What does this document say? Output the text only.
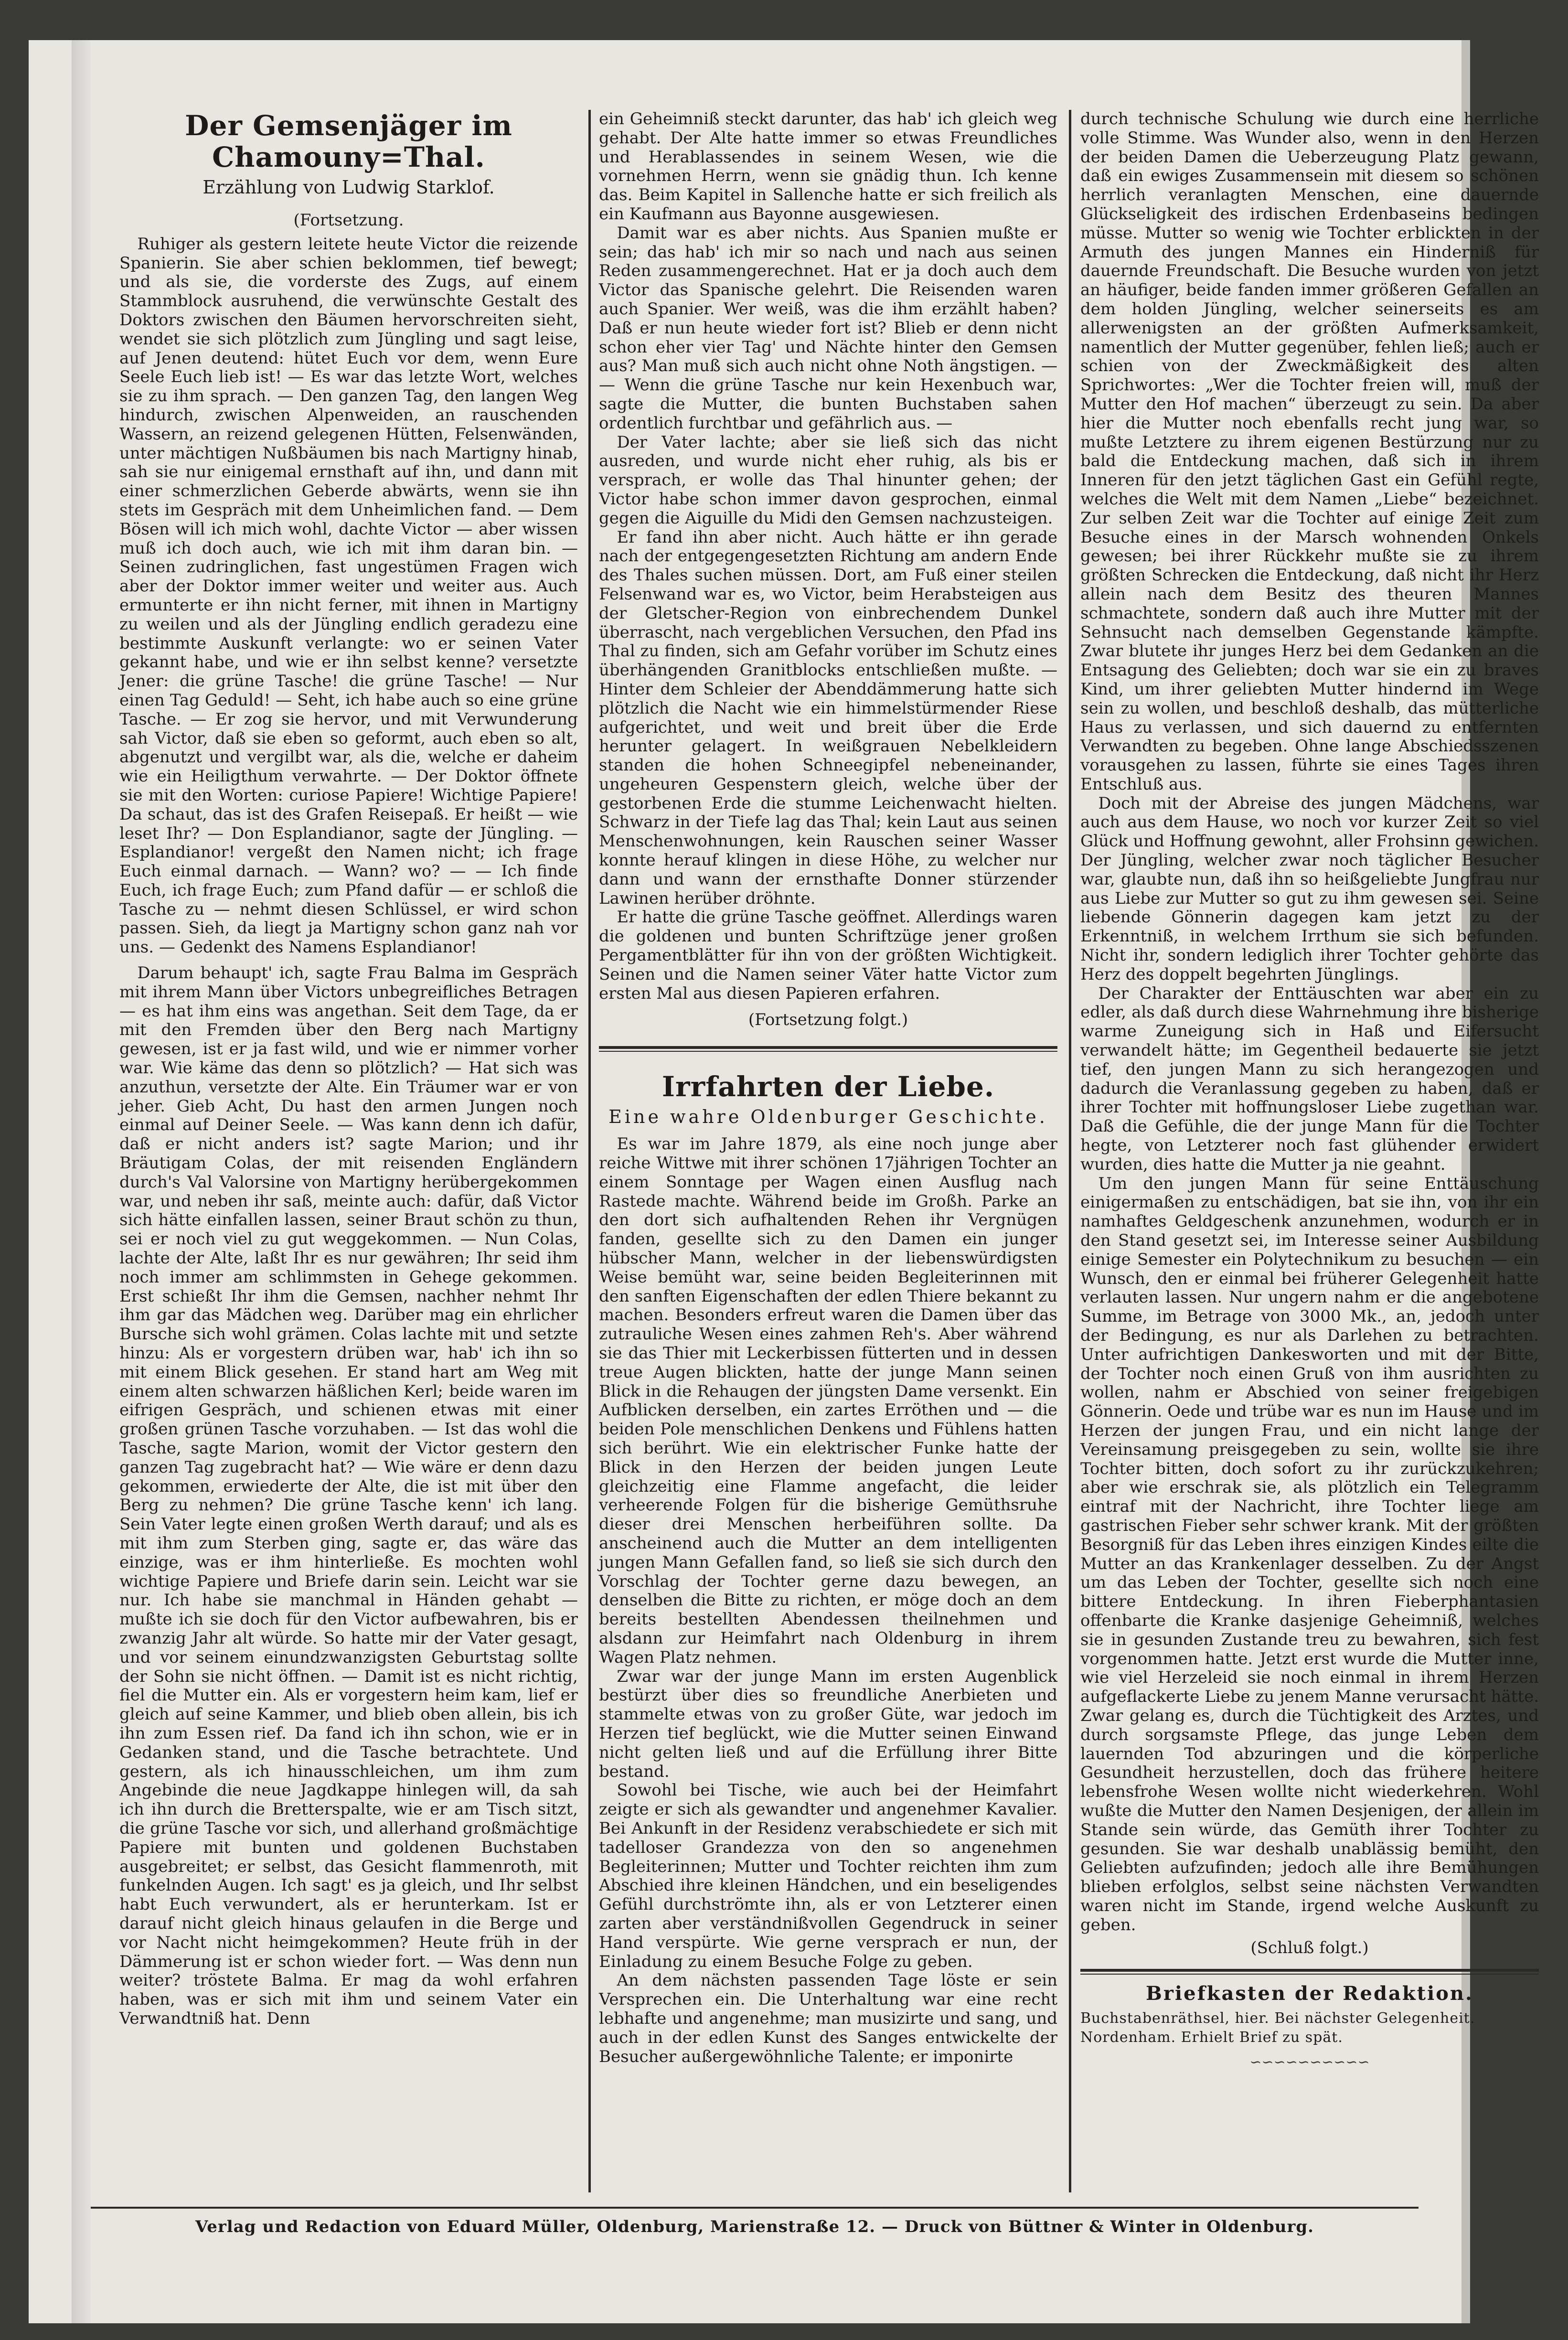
Der Gemsenjäger im Chamouny=Thal.
Erzählung von Ludwig Starklof.

(Fortsetzung.

Ruhiger als gestern leitete heute Victor die reizende Spanierin. Sie aber schien beklommen, tief bewegt; und als sie, die vorderste des Zugs, auf einem Stammblock ausruhend, die verwünschte Gestalt des Doktors zwischen den Bäumen hervorschreiten sieht, wendet sie sich plötzlich zum Jüngling und sagt leise, auf Jenen deutend: hütet Euch vor dem, wenn Eure Seele Euch lieb ist! — Es war das letzte Wort, welches sie zu ihm sprach. — Den ganzen Tag, den langen Weg hindurch, zwischen Alpenweiden, an rauschenden Wassern, an reizend gelegenen Hütten, Felsenwänden, unter mächtigen Nußbäumen bis nach Martigny hinab, sah sie nur einigemal ernsthaft auf ihn, und dann mit einer schmerzlichen Geberde abwärts, wenn sie ihn stets im Gespräch mit dem Unheimlichen fand. — Dem Bösen will ich mich wohl, dachte Victor — aber wissen muß ich doch auch, wie ich mit ihm daran bin. — Seinen zudringlichen, fast ungestümen Fragen wich aber der Doktor immer weiter und weiter aus. Auch ermunterte er ihn nicht ferner, mit ihnen in Martigny zu weilen und als der Jüngling endlich geradezu eine bestimmte Auskunft verlangte: wo er seinen Vater gekannt habe, und wie er ihn selbst kenne? versetzte Jener: die grüne Tasche! die grüne Tasche! — Nur einen Tag Geduld! — Seht, ich habe auch so eine grüne Tasche. — Er zog sie hervor, und mit Verwunderung sah Victor, daß sie eben so geformt, auch eben so alt, abgenutzt und vergilbt war, als die, welche er daheim wie ein Heiligthum verwahrte. — Der Doktor öffnete sie mit den Worten: curiose Papiere! Wichtige Papiere! Da schaut, das ist des Grafen Reisepaß. Er heißt — wie leset Ihr? — Don Esplandianor, sagte der Jüngling. — Esplandianor! vergeßt den Namen nicht; ich frage Euch einmal darnach. — Wann? wo? — — Ich finde Euch, ich frage Euch; zum Pfand dafür — er schloß die Tasche zu — nehmt diesen Schlüssel, er wird schon passen. Sieh, da liegt ja Martigny schon ganz nah vor uns. — Gedenkt des Namens Esplandianor!

Darum behaupt' ich, sagte Frau Balma im Gespräch mit ihrem Mann über Victors unbegreifliches Betragen — es hat ihm eins was angethan. Seit dem Tage, da er mit den Fremden über den Berg nach Martigny gewesen, ist er ja fast wild, und wie er nimmer vorher war. Wie käme das denn so plötzlich? — Hat sich was anzuthun, versetzte der Alte. Ein Träumer war er von jeher. Gieb Acht, Du hast den armen Jungen noch einmal auf Deiner Seele. — Was kann denn ich dafür, daß er nicht anders ist? sagte Marion; und ihr Bräutigam Colas, der mit reisenden Engländern durch's Val Valorsine von Martigny herübergekommen war, und neben ihr saß, meinte auch: dafür, daß Victor sich hätte einfallen lassen, seiner Braut schön zu thun, sei er noch viel zu gut weggekommen. — Nun Colas, lachte der Alte, laßt Ihr es nur gewähren; Ihr seid ihm noch immer am schlimmsten in Gehege gekommen. Erst schießt Ihr ihm die Gemsen, nachher nehmt Ihr ihm gar das Mädchen weg. Darüber mag ein ehrlicher Bursche sich wohl grämen. Colas lachte mit und setzte hinzu: Als er vorgestern drüben war, hab' ich ihn so mit einem Blick gesehen. Er stand hart am Weg mit einem alten schwarzen häßlichen Kerl; beide waren im eifrigen Gespräch, und schienen etwas mit einer großen grünen Tasche vorzuhaben. — Ist das wohl die Tasche, sagte Marion, womit der Victor gestern den ganzen Tag zugebracht hat? — Wie wäre er denn dazu gekommen, erwiederte der Alte, die ist mit über den Berg zu nehmen? Die grüne Tasche kenn' ich lang. Sein Vater legte einen großen Werth darauf; und als es mit ihm zum Sterben ging, sagte er, das wäre das einzige, was er ihm hinterließe. Es mochten wohl wichtige Papiere und Briefe darin sein. Leicht war sie nur. Ich habe sie manchmal in Händen gehabt — mußte ich sie doch für den Victor aufbewahren, bis er zwanzig Jahr alt würde. So hatte mir der Vater gesagt, und vor seinem einundzwanzigsten Geburtstag sollte der Sohn sie nicht öffnen. — Damit ist es nicht richtig, fiel die Mutter ein. Als er vorgestern heim kam, lief er gleich auf seine Kammer, und blieb oben allein, bis ich ihn zum Essen rief. Da fand ich ihn schon, wie er in Gedanken stand, und die Tasche betrachtete. Und gestern, als ich hinausschleichen, um ihm zum Angebinde die neue Jagdkappe hinlegen will, da sah ich ihn durch die Bretterspalte, wie er am Tisch sitzt, die grüne Tasche vor sich, und allerhand großmächtige Papiere mit bunten und goldenen Buchstaben ausgebreitet; er selbst, das Gesicht flammenroth, mit funkelnden Augen. Ich sagt' es ja gleich, und Ihr selbst habt Euch verwundert, als er herunterkam. Ist er darauf nicht gleich hinaus gelaufen in die Berge und vor Nacht nicht heimgekommen? Heute früh in der Dämmerung ist er schon wieder fort. — Was denn nun weiter? tröstete Balma. Er mag da wohl erfahren haben, was er sich mit ihm und seinem Vater ein Verwandtniß hat. Denn

ein Geheimniß steckt darunter, das hab' ich gleich weg gehabt. Der Alte hatte immer so etwas Freundliches und Herablassendes in seinem Wesen, wie die vornehmen Herrn, wenn sie gnädig thun. Ich kenne das. Beim Kapitel in Sallenche hatte er sich freilich als ein Kaufmann aus Bayonne ausgewiesen.

Damit war es aber nichts. Aus Spanien mußte er sein; das hab' ich mir so nach und nach aus seinen Reden zusammengerechnet. Hat er ja doch auch dem Victor das Spanische gelehrt. Die Reisenden waren auch Spanier. Wer weiß, was die ihm erzählt haben? Daß er nun heute wieder fort ist? Blieb er denn nicht schon eher vier Tag' und Nächte hinter den Gemsen aus? Man muß sich auch nicht ohne Noth ängstigen. — — Wenn die grüne Tasche nur kein Hexenbuch war, sagte die Mutter, die bunten Buchstaben sahen ordentlich furchtbar und gefährlich aus. —

Der Vater lachte; aber sie ließ sich das nicht ausreden, und wurde nicht eher ruhig, als bis er versprach, er wolle das Thal hinunter gehen; der Victor habe schon immer davon gesprochen, einmal gegen die Aiguille du Midi den Gemsen nachzusteigen.

Er fand ihn aber nicht. Auch hätte er ihn gerade nach der entgegengesetzten Richtung am andern Ende des Thales suchen müssen. Dort, am Fuß einer steilen Felsenwand war es, wo Victor, beim Herabsteigen aus der Gletscher-Region von einbrechendem Dunkel überrascht, nach vergeblichen Versuchen, den Pfad ins Thal zu finden, sich am Gefahr vorüber im Schutz eines überhängenden Granitblocks entschließen mußte. — Hinter dem Schleier der Abenddämmerung hatte sich plötzlich die Nacht wie ein himmelstürmender Riese aufgerichtet, und weit und breit über die Erde herunter gelagert. In weißgrauen Nebelkleidern standen die hohen Schneegipfel nebeneinander, ungeheuren Gespenstern gleich, welche über der gestorbenen Erde die stumme Leichenwacht hielten. Schwarz in der Tiefe lag das Thal; kein Laut aus seinen Menschenwohnungen, kein Rauschen seiner Wasser konnte herauf klingen in diese Höhe, zu welcher nur dann und wann der ernsthafte Donner stürzender Lawinen herüber dröhnte.

Er hatte die grüne Tasche geöffnet. Allerdings waren die goldenen und bunten Schriftzüge jener großen Pergamentblätter für ihn von der größten Wichtigkeit. Seinen und die Namen seiner Väter hatte Victor zum ersten Mal aus diesen Papieren erfahren.

(Fortsetzung folgt.)

Irrfahrten der Liebe.
Eine wahre Oldenburger Geschichte.

Es war im Jahre 1879, als eine noch junge aber reiche Wittwe mit ihrer schönen 17jährigen Tochter an einem Sonntage per Wagen einen Ausflug nach Rastede machte. Während beide im Großh. Parke an den dort sich aufhaltenden Rehen ihr Vergnügen fanden, gesellte sich zu den Damen ein junger hübscher Mann, welcher in der liebenswürdigsten Weise bemüht war, seine beiden Begleiterinnen mit den sanften Eigenschaften der edlen Thiere bekannt zu machen. Besonders erfreut waren die Damen über das zutrauliche Wesen eines zahmen Reh's. Aber während sie das Thier mit Leckerbissen fütterten und in dessen treue Augen blickten, hatte der junge Mann seinen Blick in die Rehaugen der jüngsten Dame versenkt. Ein Aufblicken derselben, ein zartes Erröthen und — die beiden Pole menschlichen Denkens und Fühlens hatten sich berührt. Wie ein elektrischer Funke hatte der Blick in den Herzen der beiden jungen Leute gleichzeitig eine Flamme angefacht, die leider verheerende Folgen für die bisherige Gemüthsruhe dieser drei Menschen herbeiführen sollte. Da anscheinend auch die Mutter an dem intelligenten jungen Mann Gefallen fand, so ließ sie sich durch den Vorschlag der Tochter gerne dazu bewegen, an denselben die Bitte zu richten, er möge doch an dem bereits bestellten Abendessen theilnehmen und alsdann zur Heimfahrt nach Oldenburg in ihrem Wagen Platz nehmen.

Zwar war der junge Mann im ersten Augenblick bestürzt über dies so freundliche Anerbieten und stammelte etwas von zu großer Güte, war jedoch im Herzen tief beglückt, wie die Mutter seinen Einwand nicht gelten ließ und auf die Erfüllung ihrer Bitte bestand.

Sowohl bei Tische, wie auch bei der Heimfahrt zeigte er sich als gewandter und angenehmer Kavalier. Bei Ankunft in der Residenz verabschiedete er sich mit tadelloser Grandezza von den so angenehmen Begleiterinnen; Mutter und Tochter reichten ihm zum Abschied ihre kleinen Händchen, und ein beseligendes Gefühl durchströmte ihn, als er von Letzterer einen zarten aber verständnißvollen Gegendruck in seiner Hand verspürte. Wie gerne versprach er nun, der Einladung zu einem Besuche Folge zu geben.

An dem nächsten passenden Tage löste er sein Versprechen ein. Die Unterhaltung war eine recht lebhafte und angenehme; man musizirte und sang, und auch in der edlen Kunst des Sanges entwickelte der Besucher außergewöhnliche Talente; er imponirte

durch technische Schulung wie durch eine herrliche volle Stimme. Was Wunder also, wenn in den Herzen der beiden Damen die Ueberzeugung Platz gewann, daß ein ewiges Zusammensein mit diesem so schönen herrlich veranlagten Menschen, eine dauernde Glückseligkeit des irdischen Erdenbaseins bedingen müsse. Mutter so wenig wie Tochter erblickten in der Armuth des jungen Mannes ein Hinderniß für dauernde Freundschaft. Die Besuche wurden von jetzt an häufiger, beide fanden immer größeren Gefallen an dem holden Jüngling, welcher seinerseits es am allerwenigsten an der größten Aufmerksamkeit, namentlich der Mutter gegenüber, fehlen ließ; auch er schien von der Zweckmäßigkeit des alten Sprichwortes: „Wer die Tochter freien will, muß der Mutter den Hof machen“ überzeugt zu sein. Da aber hier die Mutter noch ebenfalls recht jung war, so mußte Letztere zu ihrem eigenen Bestürzung nur zu bald die Entdeckung machen, daß sich in ihrem Inneren für den jetzt täglichen Gast ein Gefühl regte, welches die Welt mit dem Namen „Liebe“ bezeichnet. Zur selben Zeit war die Tochter auf einige Zeit zum Besuche eines in der Marsch wohnenden Onkels gewesen; bei ihrer Rückkehr mußte sie zu ihrem größten Schrecken die Entdeckung, daß nicht ihr Herz allein nach dem Besitz des theuren Mannes schmachtete, sondern daß auch ihre Mutter mit der Sehnsucht nach demselben Gegenstande kämpfte. Zwar blutete ihr junges Herz bei dem Gedanken an die Entsagung des Geliebten; doch war sie ein zu braves Kind, um ihrer geliebten Mutter hindernd im Wege sein zu wollen, und beschloß deshalb, das mütterliche Haus zu verlassen, und sich dauernd zu entfernten Verwandten zu begeben. Ohne lange Abschiedsszenen vorausgehen zu lassen, führte sie eines Tages ihren Entschluß aus.

Doch mit der Abreise des jungen Mädchens, war auch aus dem Hause, wo noch vor kurzer Zeit so viel Glück und Hoffnung gewohnt, aller Frohsinn gewichen. Der Jüngling, welcher zwar noch täglicher Besucher war, glaubte nun, daß ihn so heißgeliebte Jungfrau nur aus Liebe zur Mutter so gut zu ihm gewesen sei. Seine liebende Gönnerin dagegen kam jetzt zu der Erkenntniß, in welchem Irrthum sie sich befunden. Nicht ihr, sondern lediglich ihrer Tochter gehörte das Herz des doppelt begehrten Jünglings.

Der Charakter der Enttäuschten war aber ein zu edler, als daß durch diese Wahrnehmung ihre bisherige warme Zuneigung sich in Haß und Eifersucht verwandelt hätte; im Gegentheil bedauerte sie jetzt tief, den jungen Mann zu sich herangezogen und dadurch die Veranlassung gegeben zu haben, daß er ihrer Tochter mit hoffnungsloser Liebe zugethan war. Daß die Gefühle, die der junge Mann für die Tochter hegte, von Letzterer noch fast glühender erwidert wurden, dies hatte die Mutter ja nie geahnt.

Um den jungen Mann für seine Enttäuschung einigermaßen zu entschädigen, bat sie ihn, von ihr ein namhaftes Geldgeschenk anzunehmen, wodurch er in den Stand gesetzt sei, im Interesse seiner Ausbildung einige Semester ein Polytechnikum zu besuchen — ein Wunsch, den er einmal bei früherer Gelegenheit hatte verlauten lassen. Nur ungern nahm er die angebotene Summe, im Betrage von 3000 Mk., an, jedoch unter der Bedingung, es nur als Darlehen zu betrachten. Unter aufrichtigen Dankesworten und mit der Bitte, der Tochter noch einen Gruß von ihm ausrichten zu wollen, nahm er Abschied von seiner freigebigen Gönnerin. Oede und trübe war es nun im Hause und im Herzen der jungen Frau, und ein nicht lange der Vereinsamung preisgegeben zu sein, wollte sie ihre Tochter bitten, doch sofort zu ihr zurückzukehren; aber wie erschrak sie, als plötzlich ein Telegramm eintraf mit der Nachricht, ihre Tochter liege am gastrischen Fieber sehr schwer krank. Mit der größten Besorgniß für das Leben ihres einzigen Kindes eilte die Mutter an das Krankenlager desselben. Zu der Angst um das Leben der Tochter, gesellte sich noch eine bittere Entdeckung. In ihren Fieberphantasien offenbarte die Kranke dasjenige Geheimniß, welches sie in gesunden Zustande treu zu bewahren, sich fest vorgenommen hatte. Jetzt erst wurde die Mutter inne, wie viel Herzeleid sie noch einmal in ihrem Herzen aufgeflackerte Liebe zu jenem Manne verursacht hätte. Zwar gelang es, durch die Tüchtigkeit des Arztes, und durch sorgsamste Pflege, das junge Leben dem lauernden Tod abzuringen und die körperliche Gesundheit herzustellen, doch das frühere heitere lebensfrohe Wesen wollte nicht wiederkehren. Wohl wußte die Mutter den Namen Desjenigen, der allein im Stande sein würde, das Gemüth ihrer Tochter zu gesunden. Sie war deshalb unablässig bemüht, den Geliebten aufzufinden; jedoch alle ihre Bemühungen blieben erfolglos, selbst seine nächsten Verwandten waren nicht im Stande, irgend welche Auskunft zu geben.

(Schluß folgt.)

Briefkasten der Redaktion.
Buchstabenräthsel, hier. Bei nächster Gelegenheit.
Nordenham. Erhielt Brief zu spät.
∽∽∽∽∽∽∽∽∽∽
Verlag und Redaction von Eduard Müller, Oldenburg, Marienstraße 12. — Druck von Büttner & Winter in Oldenburg.
